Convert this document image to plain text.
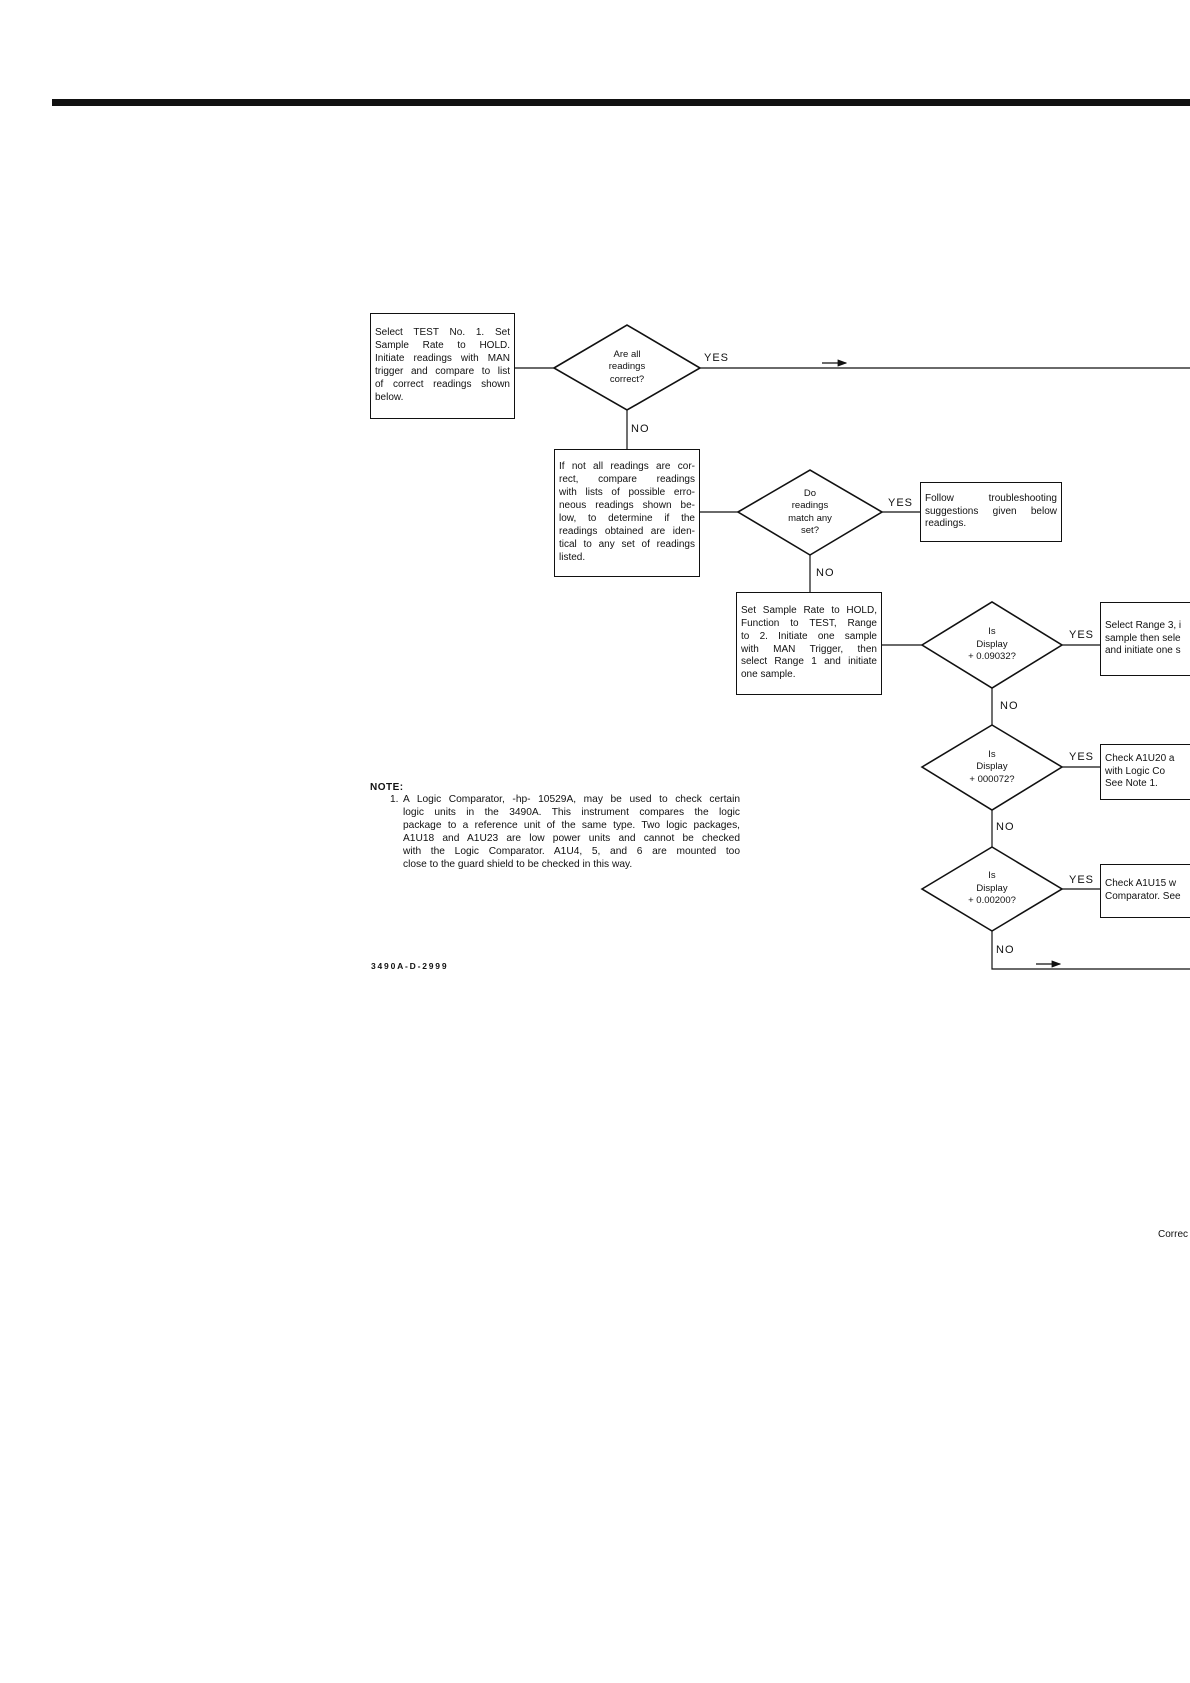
Select TEST No. 1. Set
Sample Rate to HOLD.
Initiate readings with MAN
trigger and compare to list
of correct readings shown
below.
If not all readings are cor-
rect, compare readings
with lists of possible erro-
neous readings shown be-
low, to determine if the
readings obtained are iden-
tical to any set of readings
listed.
Follow troubleshooting
suggestions given below
readings.
Set Sample Rate to HOLD,
Function to TEST, Range
to 2. Initiate one sample
with MAN Trigger, then
select Range 1 and initiate
one sample.
Select Range 3, i
sample then sele
and initiate one s
Check A1U20 a
with Logic Co
See Note 1.
Check A1U15 w
Comparator. See
Are all
readings
correct?
Do
readings
match any
set?
Is
Display
+ 0.09032?
Is
Display
+ 000072?
Is
Display
+ 0.00200?
YES
NO
YES
NO
YES
NO
YES
NO
YES
NO
NOTE:
1. A Logic Comparator, -hp- 10529A, may be used to check certain
logic units in the 3490A. This instrument compares the logic
package to a reference unit of the same type. Two logic packages,
A1U18 and A1U23 are low power units and cannot be checked
with the Logic Comparator. A1U4, 5, and 6 are mounted too
close to the guard shield to be checked in this way.
3490A-D-2999
Correc
